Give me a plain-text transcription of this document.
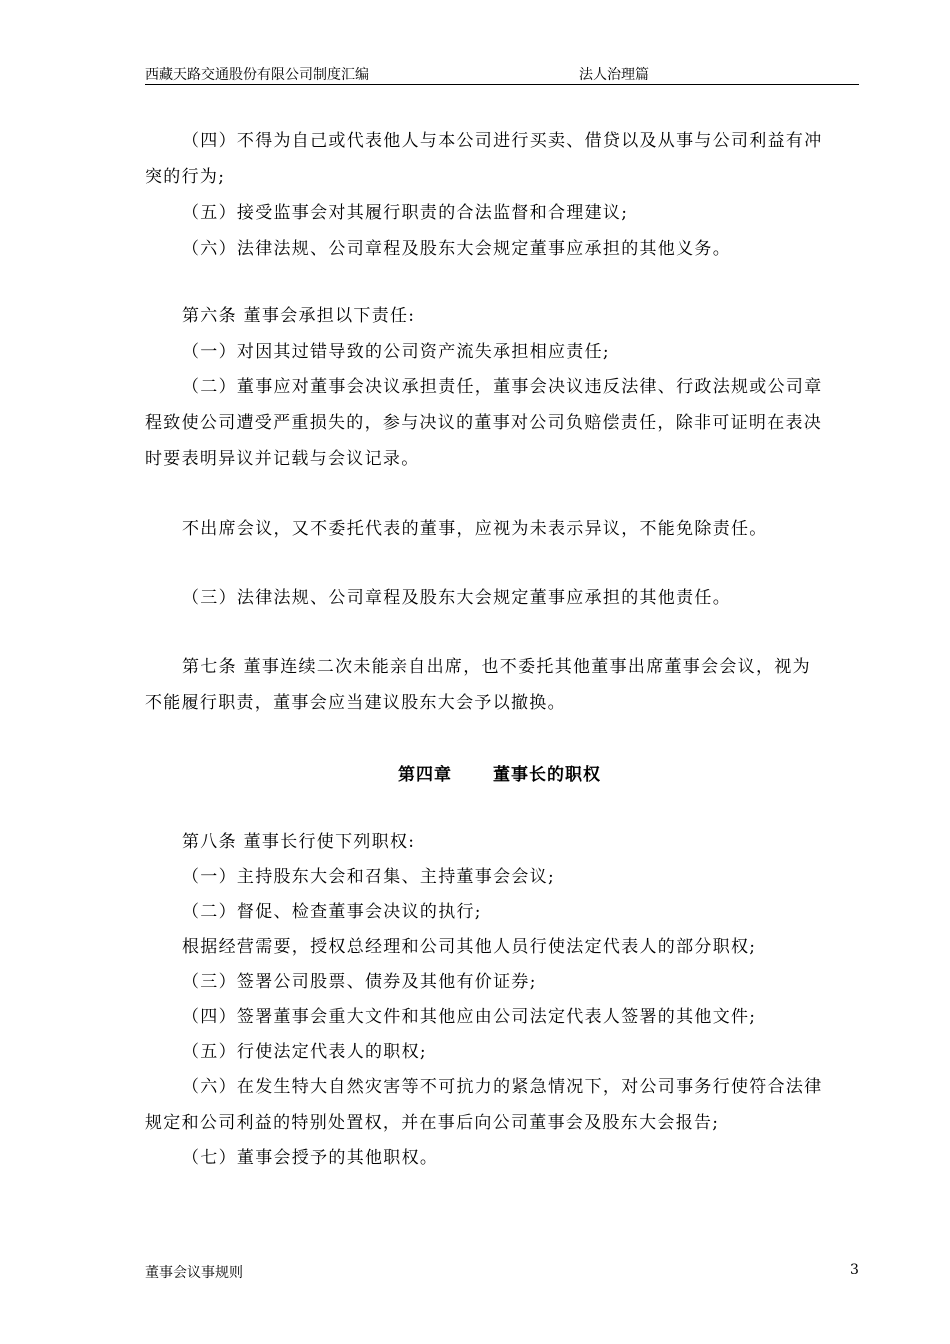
西藏天路交通股份有限公司制度汇编	法人治理篇
（四）不得为自己或代表他人与本公司进行买卖、借贷以及从事与公司利益有冲
突的行为;
（五）接受监事会对其履行职责的合法监督和合理建议;
（六）法律法规、公司章程及股东大会规定董事应承担的其他义务。
第六条 董事会承担以下责任:
（一）对因其过错导致的公司资产流失承担相应责任;
（二）董事应对董事会决议承担责任，董事会决议违反法律、行政法规或公司章
程致使公司遭受严重损失的，参与决议的董事对公司负赔偿责任，除非可证明在表决
时要表明异议并记载与会议记录。
不出席会议，又不委托代表的董事，应视为未表示异议，不能免除责任。
（三）法律法规、公司章程及股东大会规定董事应承担的其他责任。
第七条 董事连续二次未能亲自出席，也不委托其他董事出席董事会会议，视为
不能履行职责，董事会应当建议股东大会予以撤换。
第四章 董事长的职权
第八条 董事长行使下列职权:
（一）主持股东大会和召集、主持董事会会议;
（二）督促、检查董事会决议的执行;
根据经营需要，授权总经理和公司其他人员行使法定代表人的部分职权;
（三）签署公司股票、债券及其他有价证券;
（四）签署董事会重大文件和其他应由公司法定代表人签署的其他文件;
（五）行使法定代表人的职权;
（六）在发生特大自然灾害等不可抗力的紧急情况下，对公司事务行使符合法律
规定和公司利益的特别处置权，并在事后向公司董事会及股东大会报告;
（七）董事会授予的其他职权。
董事会议事规则	3
